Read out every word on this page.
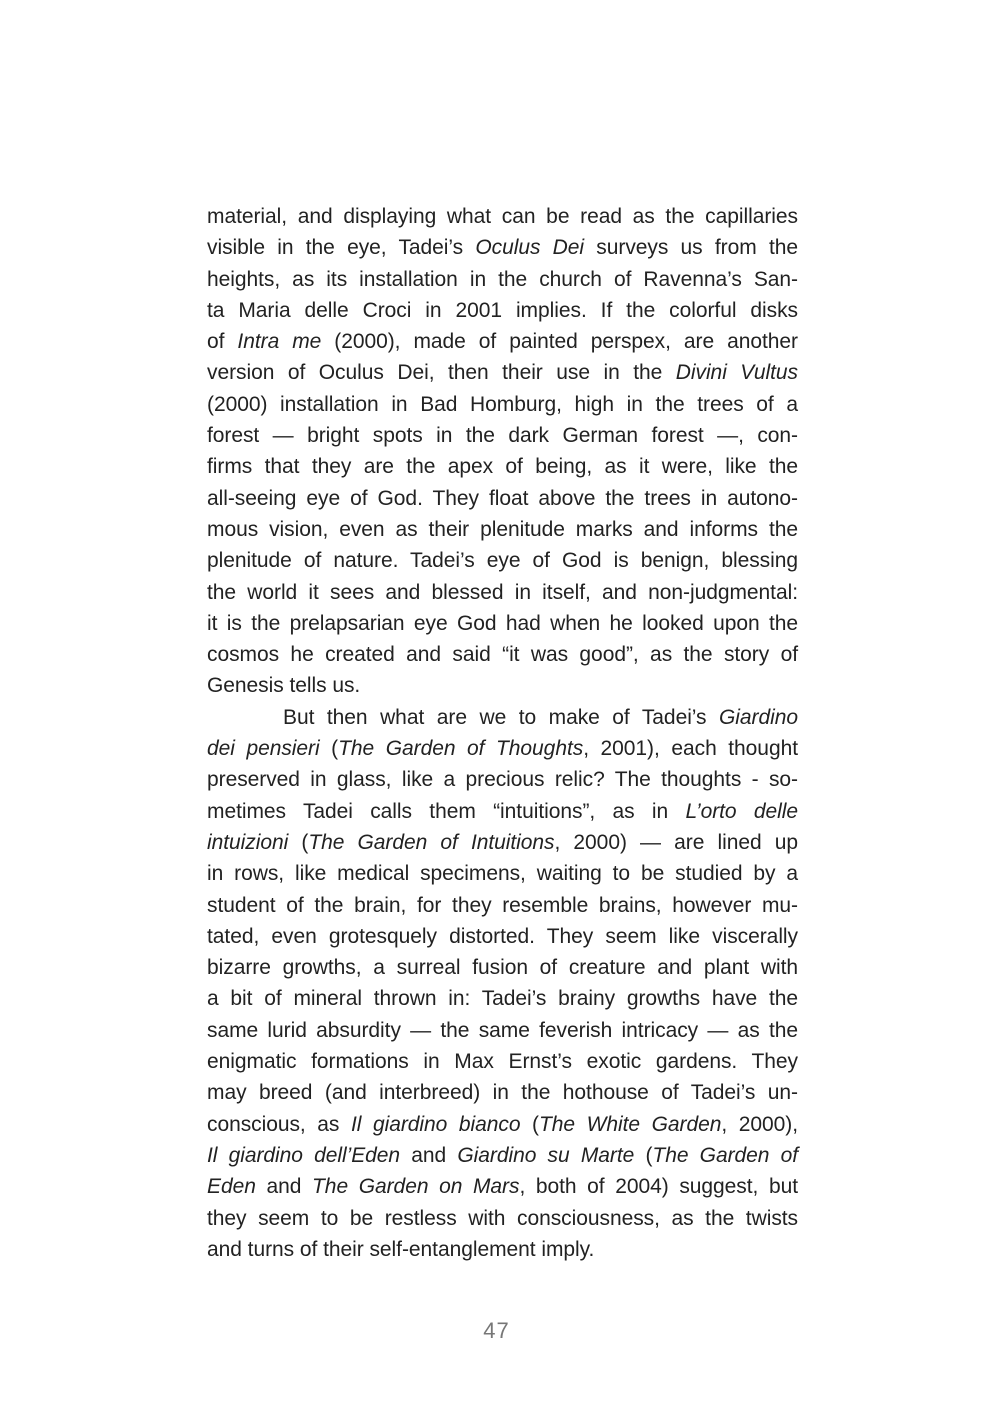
material, and displaying what can be read as the capillaries
visible in the eye, Tadei’s Oculus Dei surveys us from the
heights, as its installation in the church of Ravenna’s San-
ta Maria delle Croci in 2001 implies. If the colorful disks
of Intra me (2000), made of painted perspex, are another
version of Oculus Dei, then their use in the Divini Vultus
(2000) installation in Bad Homburg, high in the trees of a
forest — bright spots in the dark German forest —, con-
firms that they are the apex of being, as it were, like the
all-seeing eye of God. They float above the trees in autono-
mous vision, even as their plenitude marks and informs the
plenitude of nature. Tadei’s eye of God is benign, blessing
the world it sees and blessed in itself, and non-judgmental:
it is the prelapsarian eye God had when he looked upon the
cosmos he created and said “it was good”, as the story of
Genesis tells us.
But then what are we to make of Tadei’s Giardino
dei pensieri (The Garden of Thoughts, 2001), each thought
preserved in glass, like a precious relic? The thoughts - so-
metimes Tadei calls them “intuitions”, as in L’orto delle
intuizioni (The Garden of Intuitions, 2000) — are lined up
in rows, like medical specimens, waiting to be studied by a
student of the brain, for they resemble brains, however mu-
tated, even grotesquely distorted. They seem like viscerally
bizarre growths, a surreal fusion of creature and plant with
a bit of mineral thrown in: Tadei’s brainy growths have the
same lurid absurdity — the same feverish intricacy — as the
enigmatic formations in Max Ernst’s exotic gardens. They
may breed (and interbreed) in the hothouse of Tadei’s un-
conscious, as Il giardino bianco (The White Garden, 2000),
Il giardino dell’Eden and Giardino su Marte (The Garden of
Eden and The Garden on Mars, both of 2004) suggest, but
they seem to be restless with consciousness, as the twists
and turns of their self-entanglement imply.
47
